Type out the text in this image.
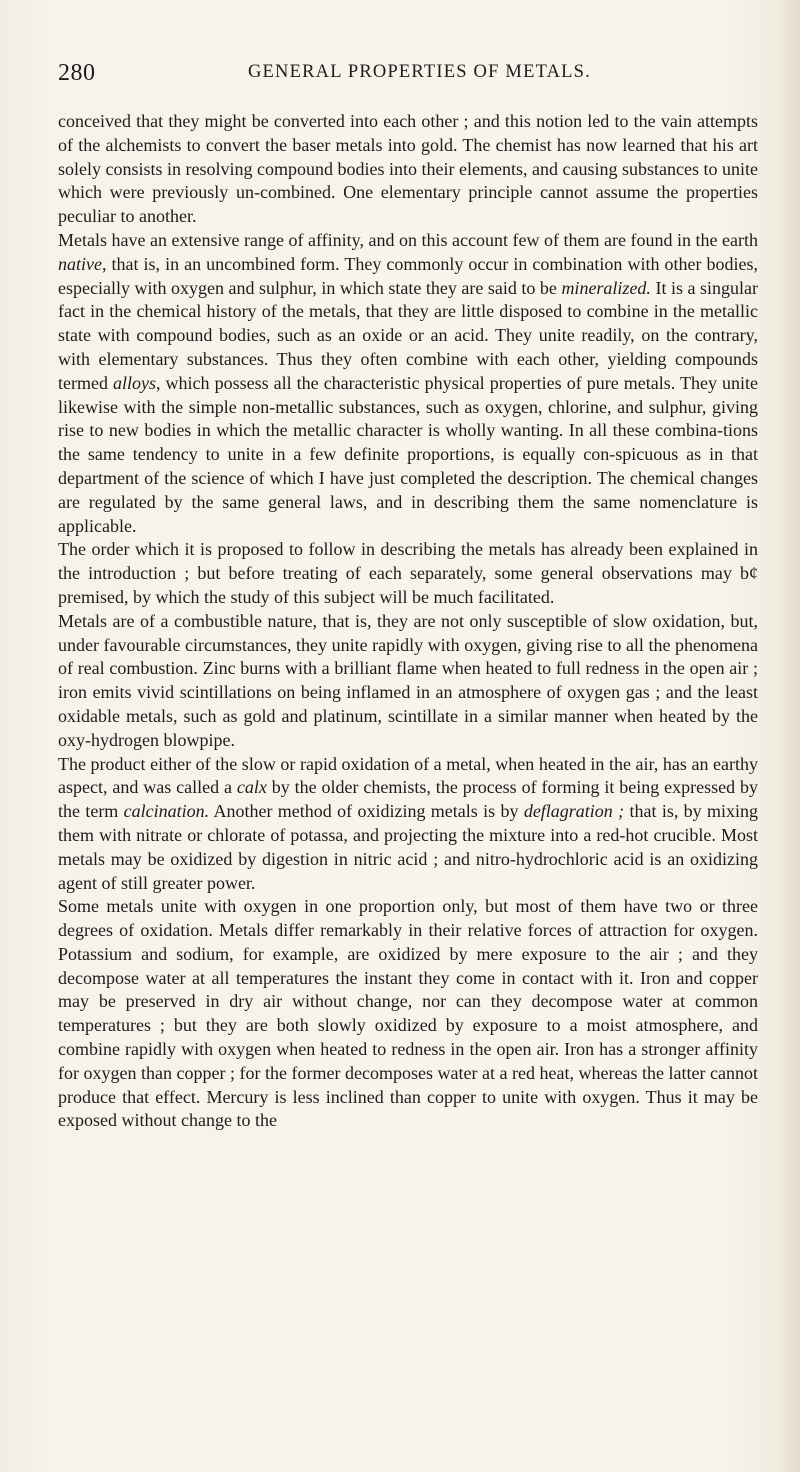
280	GENERAL PROPERTIES OF METALS.

conceived that they might be converted into each other ; and this notion led to the vain attempts of the alchemists to convert the baser metals into gold. The chemist has now learned that his art solely consists in resolving compound bodies into their elements, and causing substances to unite which were previously un-combined. One elementary principle cannot assume the properties peculiar to another.

Metals have an extensive range of affinity, and on this account few of them are found in the earth native, that is, in an uncombined form. They commonly occur in combination with other bodies, especially with oxygen and sulphur, in which state they are said to be mineralized. It is a singular fact in the chemical history of the metals, that they are little disposed to combine in the metallic state with compound bodies, such as an oxide or an acid. They unite readily, on the contrary, with elementary substances. Thus they often combine with each other, yielding compounds termed alloys, which possess all the characteristic physical properties of pure metals. They unite likewise with the simple non-metallic substances, such as oxygen, chlorine, and sulphur, giving rise to new bodies in which the metallic character is wholly wanting. In all these combina-tions the same tendency to unite in a few definite proportions, is equally con-spicuous as in that department of the science of which I have just completed the description. The chemical changes are regulated by the same general laws, and in describing them the same nomenclature is applicable.

The order which it is proposed to follow in describing the metals has already been explained in the introduction ; but before treating of each separately, some general observations may b¢ premised, by which the study of this subject will be much facilitated.

Metals are of a combustible nature, that is, they are not only susceptible of slow oxidation, but, under favourable circumstances, they unite rapidly with oxygen, giving rise to all the phenomena of real combustion. Zinc burns with a brilliant flame when heated to full redness in the open air ; iron emits vivid scintillations on being inflamed in an atmosphere of oxygen gas ; and the least oxidable metals, such as gold and platinum, scintillate in a similar manner when heated by the oxy-hydrogen blowpipe.

The product either of the slow or rapid oxidation of a metal, when heated in the air, has an earthy aspect, and was called a calx by the older chemists, the process of forming it being expressed by the term calcination. Another method of oxidizing metals is by deflagration ; that is, by mixing them with nitrate or chlorate of potassa, and projecting the mixture into a red-hot crucible. Most metals may be oxidized by digestion in nitric acid ; and nitro-hydrochloric acid is an oxidizing agent of still greater power.

Some metals unite with oxygen in one proportion only, but most of them have two or three degrees of oxidation. Metals differ remarkably in their relative forces of attraction for oxygen. Potassium and sodium, for example, are oxidized by mere exposure to the air ; and they decompose water at all temperatures the instant they come in contact with it. Iron and copper may be preserved in dry air without change, nor can they decompose water at common temperatures ; but they are both slowly oxidized by exposure to a moist atmosphere, and combine rapidly with oxygen when heated to redness in the open air. Iron has a stronger affinity for oxygen than copper ; for the former decomposes water at a red heat, whereas the latter cannot produce that effect. Mercury is less inclined than copper to unite with oxygen. Thus it may be exposed without change to the
